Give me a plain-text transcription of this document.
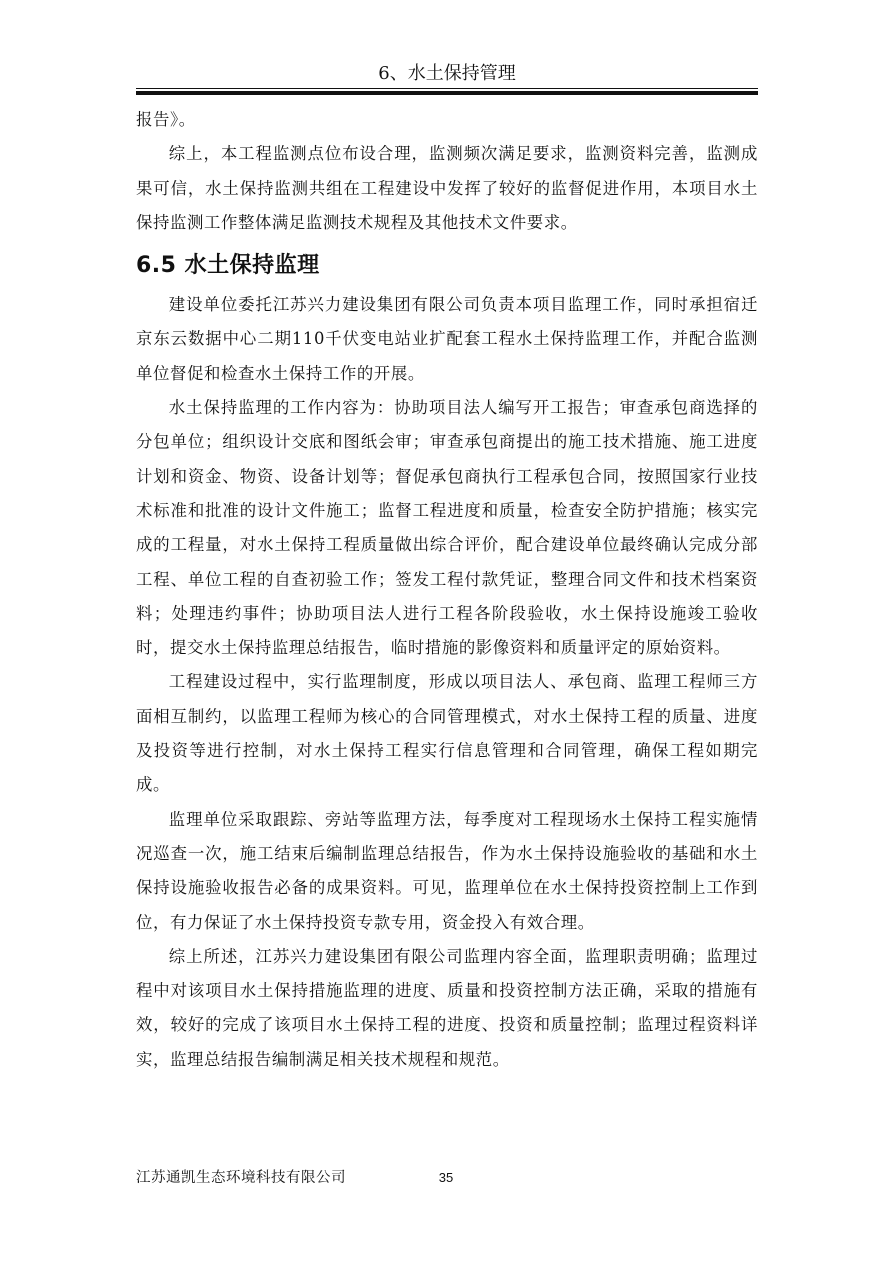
6、水土保持管理

报告》。

综上，本工程监测点位布设合理，监测频次满足要求，监测资料完善，监测成果可信，水土保持监测共组在工程建设中发挥了较好的监督促进作用，本项目水土保持监测工作整体满足监测技术规程及其他技术文件要求。

6.5 水土保持监理

建设单位委托江苏兴力建设集团有限公司负责本项目监理工作，同时承担宿迁京东云数据中心二期110千伏变电站业扩配套工程水土保持监理工作，并配合监测单位督促和检查水土保持工作的开展。

水土保持监理的工作内容为：协助项目法人编写开工报告；审查承包商选择的分包单位；组织设计交底和图纸会审；审查承包商提出的施工技术措施、施工进度计划和资金、物资、设备计划等；督促承包商执行工程承包合同，按照国家行业技术标准和批准的设计文件施工；监督工程进度和质量，检查安全防护措施；核实完成的工程量，对水土保持工程质量做出综合评价，配合建设单位最终确认完成分部工程、单位工程的自查初验工作；签发工程付款凭证，整理合同文件和技术档案资料；处理违约事件；协助项目法人进行工程各阶段验收，水土保持设施竣工验收时，提交水土保持监理总结报告，临时措施的影像资料和质量评定的原始资料。

工程建设过程中，实行监理制度，形成以项目法人、承包商、监理工程师三方面相互制约，以监理工程师为核心的合同管理模式，对水土保持工程的质量、进度及投资等进行控制，对水土保持工程实行信息管理和合同管理，确保工程如期完成。

监理单位采取跟踪、旁站等监理方法，每季度对工程现场水土保持工程实施情况巡查一次，施工结束后编制监理总结报告，作为水土保持设施验收的基础和水土保持设施验收报告必备的成果资料。可见，监理单位在水土保持投资控制上工作到位，有力保证了水土保持投资专款专用，资金投入有效合理。

综上所述，江苏兴力建设集团有限公司监理内容全面，监理职责明确；监理过程中对该项目水土保持措施监理的进度、质量和投资控制方法正确，采取的措施有效，较好的完成了该项目水土保持工程的进度、投资和质量控制；监理过程资料详实，监理总结报告编制满足相关技术规程和规范。

江苏通凯生态环境科技有限公司	35
